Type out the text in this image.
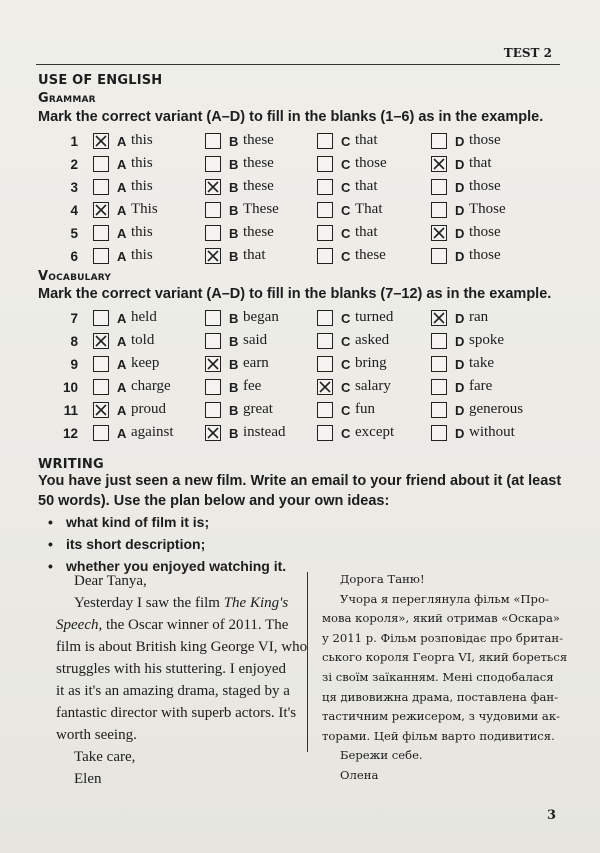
TEST 2
USE OF ENGLISH
Grammar
Mark the correct variant (A–D) to fill in the blanks (1–6) as in the example.
1	A this	B these	C that	D those
2	A this	B these	C those	D that
3	A this	B these	C that	D those
4	A This	B These	C That	D Those
5	A this	B these	C that	D those
6	A this	B that	C these	D those
Vocabulary
Mark the correct variant (A–D) to fill in the blanks (7–12) as in the example.
7	A held	B began	C turned	D ran
8	A told	B said	C asked	D spoke
9	A keep	B earn	C bring	D take
10	A charge	B fee	C salary	D fare
11	A proud	B great	C fun	D generous
12	A against	B instead	C except	D without
WRITING
You have just seen a new film. Write an email to your friend about it (at least
50 words). Use the plan below and your own ideas:
• what kind of film it is;
• its short description;
• whether you enjoyed watching it.
Dear Tanya,
Yesterday I saw the film The King's
Speech, the Oscar winner of 2011. The
film is about British king George VI, who
struggles with his stuttering. I enjoyed
it as it's an amazing drama, staged by a
fantastic director with superb actors. It's
worth seeing.
Take care,
Elen
Дорога Таню!
Учора я переглянула фільм «Про-
мова короля», який отримав «Оскара»
у 2011 р. Фільм розповідає про британ-
ського короля Георга VI, який бореться
зі своїм заїканням. Мені сподобалася
ця дивовижна драма, поставлена фан-
тастичним режисером, з чудовими ак-
торами. Цей фільм варто подивитися.
Бережи себе.
Олена
3
